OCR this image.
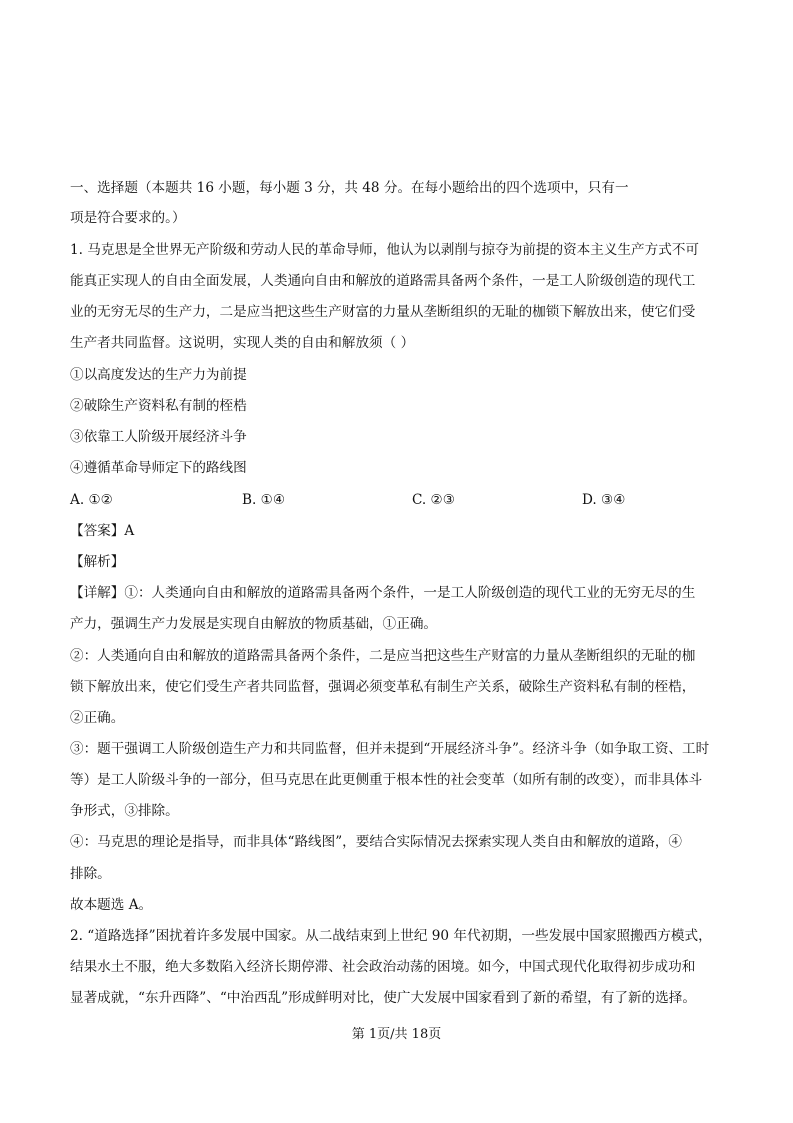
一、选择题（本题共 16 小题，每小题 3 分，共 48 分。在每小题给出的四个选项中，只有一
项是符合要求的。）
1. 马克思是全世界无产阶级和劳动人民的革命导师，他认为以剥削与掠夺为前提的资本主义生产方式不可
能真正实现人的自由全面发展，人类通向自由和解放的道路需具备两个条件，一是工人阶级创造的现代工
业的无穷无尽的生产力，二是应当把这些生产财富的力量从垄断组织的无耻的枷锁下解放出来，使它们受
生产者共同监督。这说明，实现人类的自由和解放须（ ）
①以高度发达的生产力为前提
②破除生产资料私有制的桎梏
③依靠工人阶级开展经济斗争
④遵循革命导师定下的路线图
A. ①②	B. ①④	C. ②③	D. ③④
【答案】A
【解析】
【详解】①：人类通向自由和解放的道路需具备两个条件，一是工人阶级创造的现代工业的无穷无尽的生
产力，强调生产力发展是实现自由解放的物质基础，①正确。
②：人类通向自由和解放的道路需具备两个条件，二是应当把这些生产财富的力量从垄断组织的无耻的枷
锁下解放出来，使它们受生产者共同监督，强调必须变革私有制生产关系，破除生产资料私有制的桎梏，
②正确。
③：题干强调工人阶级创造生产力和共同监督，但并未提到“开展经济斗争”。经济斗争（如争取工资、工时
等）是工人阶级斗争的一部分，但马克思在此更侧重于根本性的社会变革（如所有制的改变），而非具体斗
争形式，③排除。
④：马克思的理论是指导，而非具体“路线图”，要结合实际情况去探索实现人类自由和解放的道路，④
排除。
故本题选 A。
2. “道路选择”困扰着许多发展中国家。从二战结束到上世纪 90 年代初期，一些发展中国家照搬西方模式，
结果水土不服，绝大多数陷入经济长期停滞、社会政治动荡的困境。如今，中国式现代化取得初步成功和
显著成就，“东升西降”、“中治西乱”形成鲜明对比，使广大发展中国家看到了新的希望，有了新的选择。
第 1页/共 18页
